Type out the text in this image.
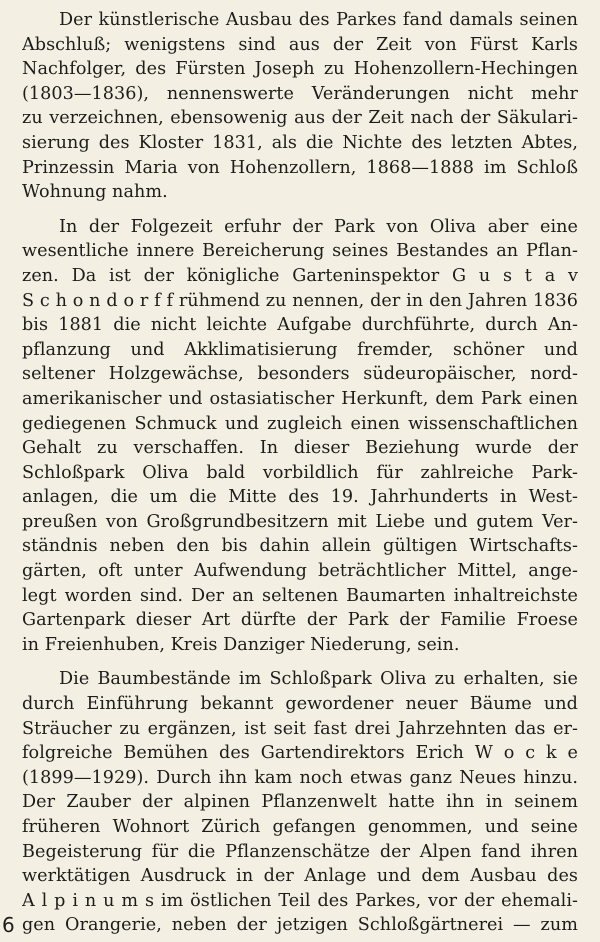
Der künstlerische Ausbau des Parkes fand damals seinen
Abschluß; wenigstens sind aus der Zeit von Fürst Karls
Nachfolger, des Fürsten Joseph zu Hohenzollern-Hechingen
(1803—1836), nennenswerte Veränderungen nicht mehr
zu verzeichnen, ebensowenig aus der Zeit nach der Säkulari-
sierung des Kloster 1831, als die Nichte des letzten Abtes,
Prinzessin Maria von Hohenzollern, 1868—1888 im Schloß
Wohnung nahm.

In der Folgezeit erfuhr der Park von Oliva aber eine
wesentliche innere Bereicherung seines Bestandes an Pflan-
zen. Da ist der königliche Garteninspektor G u s t a v
S c h o n d o r f f rühmend zu nennen, der in den Jahren 1836
bis 1881 die nicht leichte Aufgabe durchführte, durch An-
pflanzung und Akklimatisierung fremder, schöner und
seltener Holzgewächse, besonders südeuropäischer, nord-
amerikanischer und ostasiatischer Herkunft, dem Park einen
gediegenen Schmuck und zugleich einen wissenschaftlichen
Gehalt zu verschaffen. In dieser Beziehung wurde der
Schloßpark Oliva bald vorbildlich für zahlreiche Park-
anlagen, die um die Mitte des 19. Jahrhunderts in West-
preußen von Großgrundbesitzern mit Liebe und gutem Ver-
ständnis neben den bis dahin allein gültigen Wirtschafts-
gärten, oft unter Aufwendung beträchtlicher Mittel, ange-
legt worden sind. Der an seltenen Baumarten inhaltreichste
Gartenpark dieser Art dürfte der Park der Familie Froese
in Freienhuben, Kreis Danziger Niederung, sein.

Die Baumbestände im Schloßpark Oliva zu erhalten, sie
durch Einführung bekannt gewordener neuer Bäume und
Sträucher zu ergänzen, ist seit fast drei Jahrzehnten das er-
folgreiche Bemühen des Gartendirektors Erich W o c k e
(1899—1929). Durch ihn kam noch etwas ganz Neues hinzu.
Der Zauber der alpinen Pflanzenwelt hatte ihn in seinem
früheren Wohnort Zürich gefangen genommen, und seine
Begeisterung für die Pflanzenschätze der Alpen fand ihren
werktätigen Ausdruck in der Anlage und dem Ausbau des
A l p i n u m s im östlichen Teil des Parkes, vor der ehemali-
gen Orangerie, neben der jetzigen Schloßgärtnerei — zum

6
